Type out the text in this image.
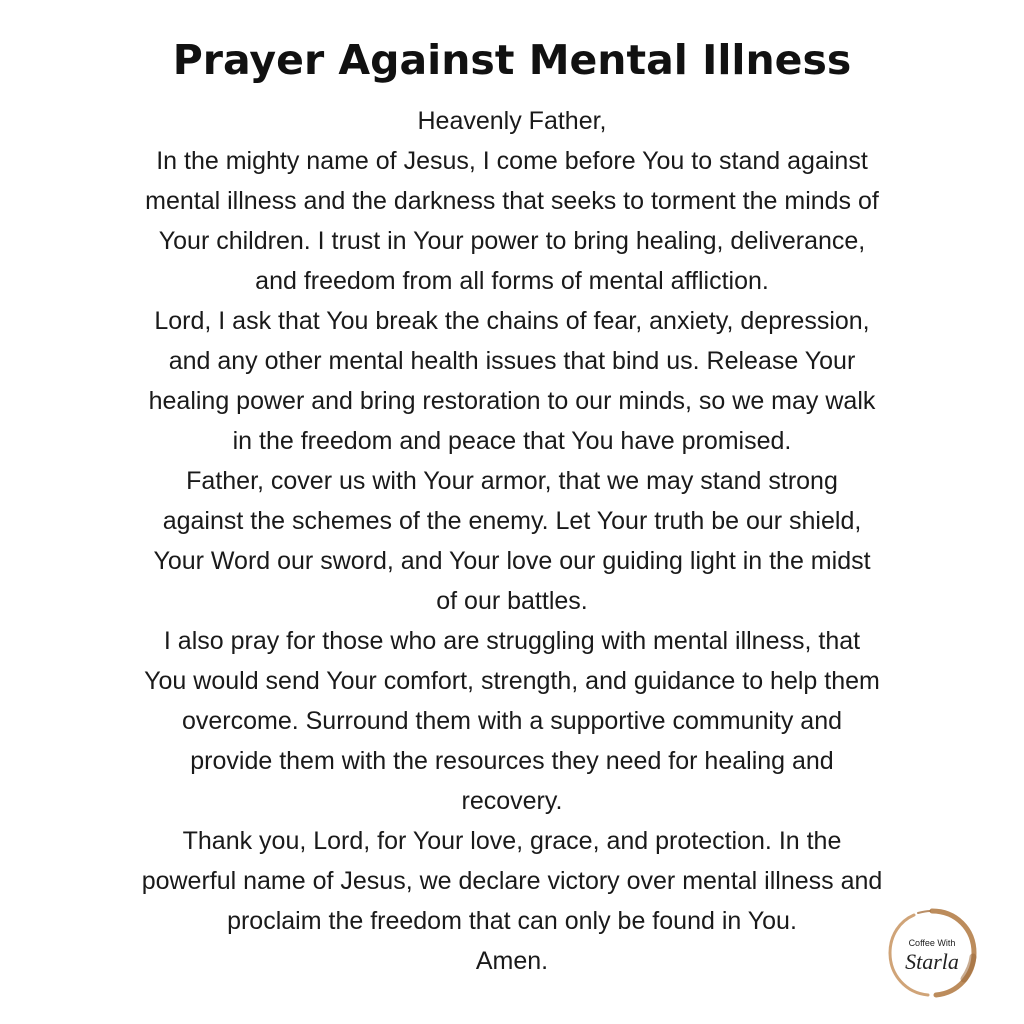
Prayer Against Mental Illness
Heavenly Father,
In the mighty name of Jesus, I come before You to stand against
mental illness and the darkness that seeks to torment the minds of
Your children. I trust in Your power to bring healing, deliverance,
and freedom from all forms of mental affliction.
Lord, I ask that You break the chains of fear, anxiety, depression,
and any other mental health issues that bind us. Release Your
healing power and bring restoration to our minds, so we may walk
in the freedom and peace that You have promised.
Father, cover us with Your armor, that we may stand strong
against the schemes of the enemy. Let Your truth be our shield,
Your Word our sword, and Your love our guiding light in the midst
of our battles.
I also pray for those who are struggling with mental illness, that
You would send Your comfort, strength, and guidance to help them
overcome. Surround them with a supportive community and
provide them with the resources they need for healing and
recovery.
Thank you, Lord, for Your love, grace, and protection. In the
powerful name of Jesus, we declare victory over mental illness and
proclaim the freedom that can only be found in You.
Amen.
Coffee With
Starla
